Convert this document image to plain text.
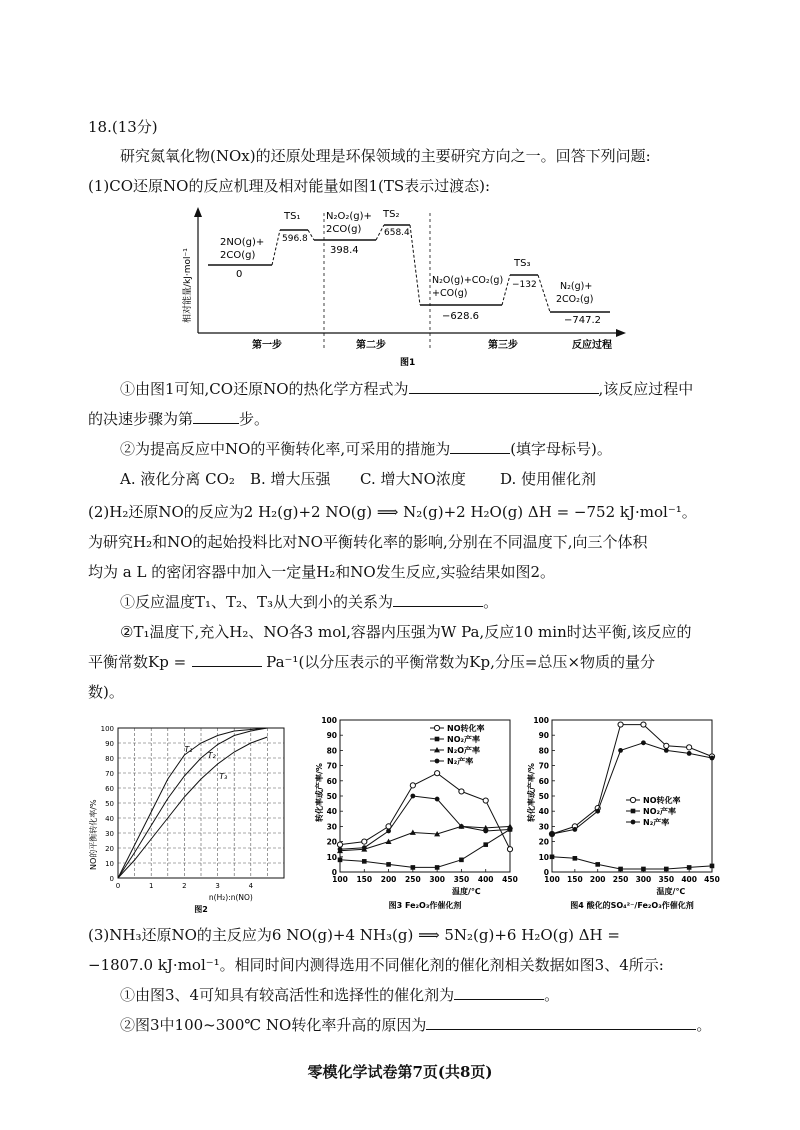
18.(13分)
研究氮氧化物(NOx)的还原处理是环保领域的主要研究方向之一。回答下列问题:
(1)CO还原NO的反应机理及相对能量如图1(TS表示过渡态):
相对能量/kJ·mol⁻¹
2NO(g)+
2CO(g)
0
TS₁
596.8
N₂O₂(g)+
2CO(g)
398.4
TS₂
658.4
N₂O(g)+CO₂(g)
+CO(g)
−628.6
TS₃
−132 N₂(g)+
2CO₂(g)
−747.2
第一步	第二步	第三步	反应过程
图1
①由图1可知,CO还原NO的热化学方程式为	,该反应过程中
的决速步骤为第	步。
②为提高反应中NO的平衡转化率,可采用的措施为	(填字母标号)。
A. 液化分离 CO₂ B. 增大压强 C. 增大NO浓度 D. 使用催化剂
(2)H₂还原NO的反应为2 H₂(g)+2 NO(g) ⟹ N₂(g)+2 H₂O(g) ΔH = −752 kJ·mol⁻¹。
为研究H₂和NO的起始投料比对NO平衡转化率的影响,分别在不同温度下,向三个体积
均为 a L 的密闭容器中加入一定量H₂和NO发生反应,实验结果如图2。
①反应温度T₁、T₂、T₃从大到小的关系为	。
②T₁温度下,充入H₂、NO各3 mol,容器内压强为W Pa,反应10 min时达平衡,该反应的
平衡常数Kp =	Pa⁻¹(以分压表示的平衡常数为Kp,分压=总压×物质的量分
数)。
0
10
20
30
40
50
60
70
80
90
100
0	1	2	3	4
n(H₂):n(NO)
NO的平衡转化率/%
T₁
T₂
T₃
图2
0
10
20
30
40
50
60
70
80
90
100
100 150 200 250 300 350 400 450
温度/℃
转化率或产率/%
NO转化率
NO₂产率
N₂O产率
N₂产率
图3 Fe₂O₃作催化剂
0
10
20
30
40
50
60
70
80
90
100
100 150 200 250 300 350 400 450
温度/℃
转化率或产率/%	NO转化率
NO₂产率
N₂产率
图4 酸化的SO₄²⁻/Fe₂O₃作催化剂
(3)NH₃还原NO的主反应为6 NO(g)+4 NH₃(g) ⟹ 5N₂(g)+6 H₂O(g) ΔH =
−1807.0 kJ·mol⁻¹。相同时间内测得选用不同催化剂的催化剂相关数据如图3、4所示:
①由图3、4可知具有较高活性和选择性的催化剂为	。
②图3中100~300℃ NO转化率升高的原因为	。
零模化学试卷第7页(共8页)
